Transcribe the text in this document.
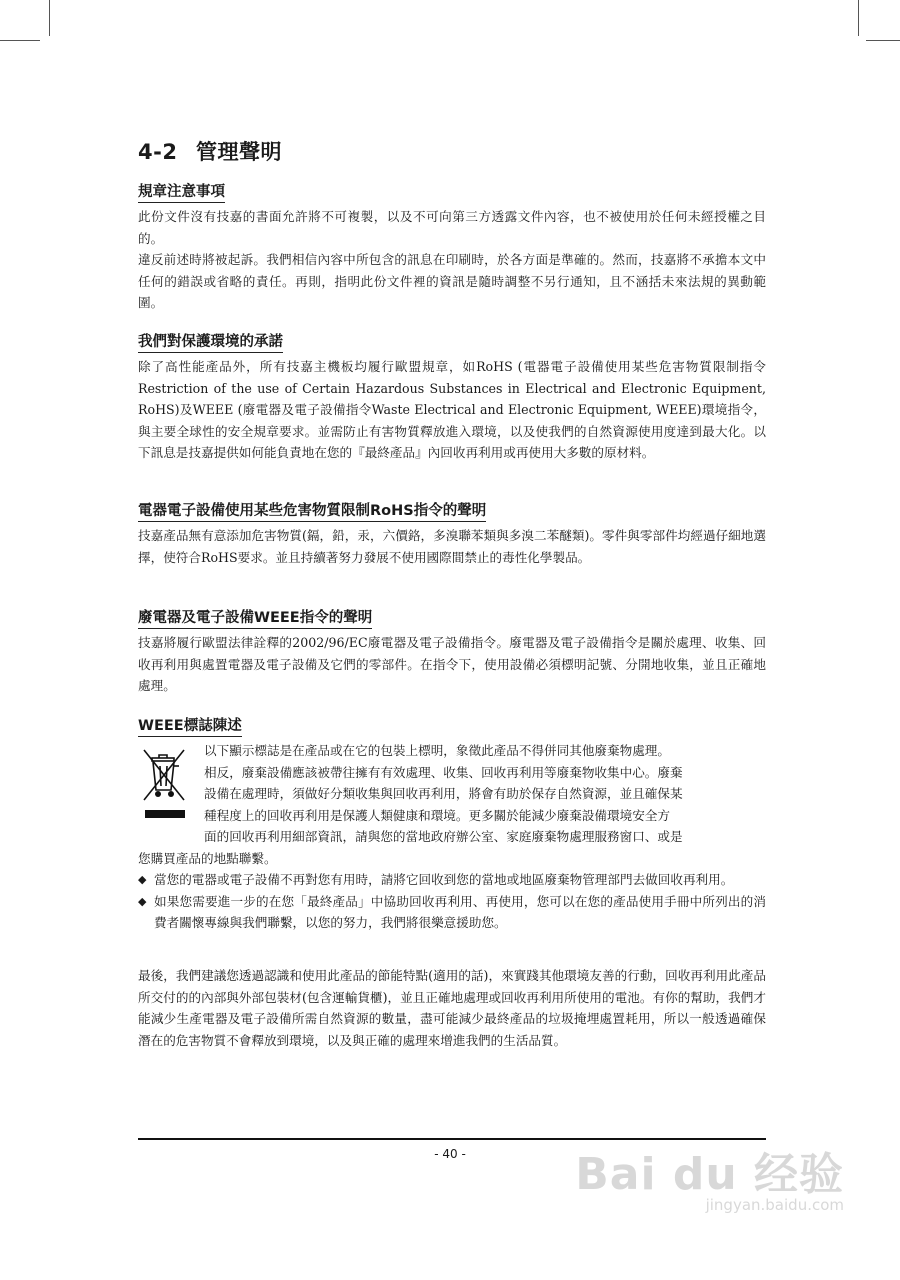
4-2 管理聲明
規章注意事項

此份文件沒有技嘉的書面允許將不可複製，以及不可向第三方透露文件內容，也不被使用於任何未經授權之目的。

違反前述時將被起訴。我們相信內容中所包含的訊息在印刷時，於各方面是準確的。然而，技嘉將不承擔本文中任何的錯誤或省略的責任。再則，指明此份文件裡的資訊是隨時調整不另行通知，且不涵括未來法規的異動範圍。

我們對保護環境的承諾

除了高性能產品外，所有技嘉主機板均履行歐盟規章，如RoHS (電器電子設備使用某些危害物質限制指令 Restriction of the use of Certain Hazardous Substances in Electrical and Electronic Equipment, RoHS)及WEEE (廢電器及電子設備指令Waste Electrical and Electronic Equipment, WEEE)環境指令，與主要全球性的安全規章要求。並需防止有害物質釋放進入環境，以及使我們的自然資源使用度達到最大化。以下訊息是技嘉提供如何能負責地在您的『最終產品』內回收再利用或再使用大多數的原材料。

電器電子設備使用某些危害物質限制RoHS指令的聲明

技嘉產品無有意添加危害物質(鎘，鉛，汞，六價鉻，多溴聯苯類與多溴二苯醚類)。零件與零部件均經過仔細地選擇，使符合RoHS要求。並且持續著努力發展不使用國際間禁止的毒性化學製品。

廢電器及電子設備WEEE指令的聲明

技嘉將履行歐盟法律詮釋的2002/96/EC廢電器及電子設備指令。廢電器及電子設備指令是關於處理、收集、回收再利用與處置電器及電子設備及它們的零部件。在指令下，使用設備必須標明記號、分開地收集，並且正確地處理。

WEEE標誌陳述

以下顯示標誌是在產品或在它的包裝上標明，象徵此產品不得併同其他廢棄物處理。

相反，廢棄設備應該被帶往擁有有效處理、收集、回收再利用等廢棄物收集中心。廢棄

設備在處理時，須做好分類收集與回收再利用，將會有助於保存自然資源，並且確保某

種程度上的回收再利用是保護人類健康和環境。更多關於能減少廢棄設備環境安全方

面的回收再利用細部資訊，請與您的當地政府辦公室、家庭廢棄物處理服務窗口、或是

您購買產品的地點聯繫。

◆ 當您的電器或電子設備不再對您有用時，請將它回收到您的當地或地區廢棄物管理部門去做回收再利用。
◆ 如果您需要進一步的在您「最終產品」中協助回收再利用、再使用，您可以在您的產品使用手冊中所列出的消費者關懷專線與我們聯繫，以您的努力，我們將很樂意援助您。

最後，我們建議您透過認識和使用此產品的節能特點(適用的話)，來實踐其他環境友善的行動，回收再利用此產品所交付的的內部與外部包裝材(包含運輸貨櫃)，並且正確地處理或回收再利用所使用的電池。有你的幫助，我們才能減少生產電器及電子設備所需自然資源的數量，盡可能減少最終產品的垃圾掩埋處置耗用，所以一般透過確保潛在的危害物質不會釋放到環境，以及與正確的處理來增進我們的生活品質。

- 40 -	Bai du 经验
jingyan.baidu.com
